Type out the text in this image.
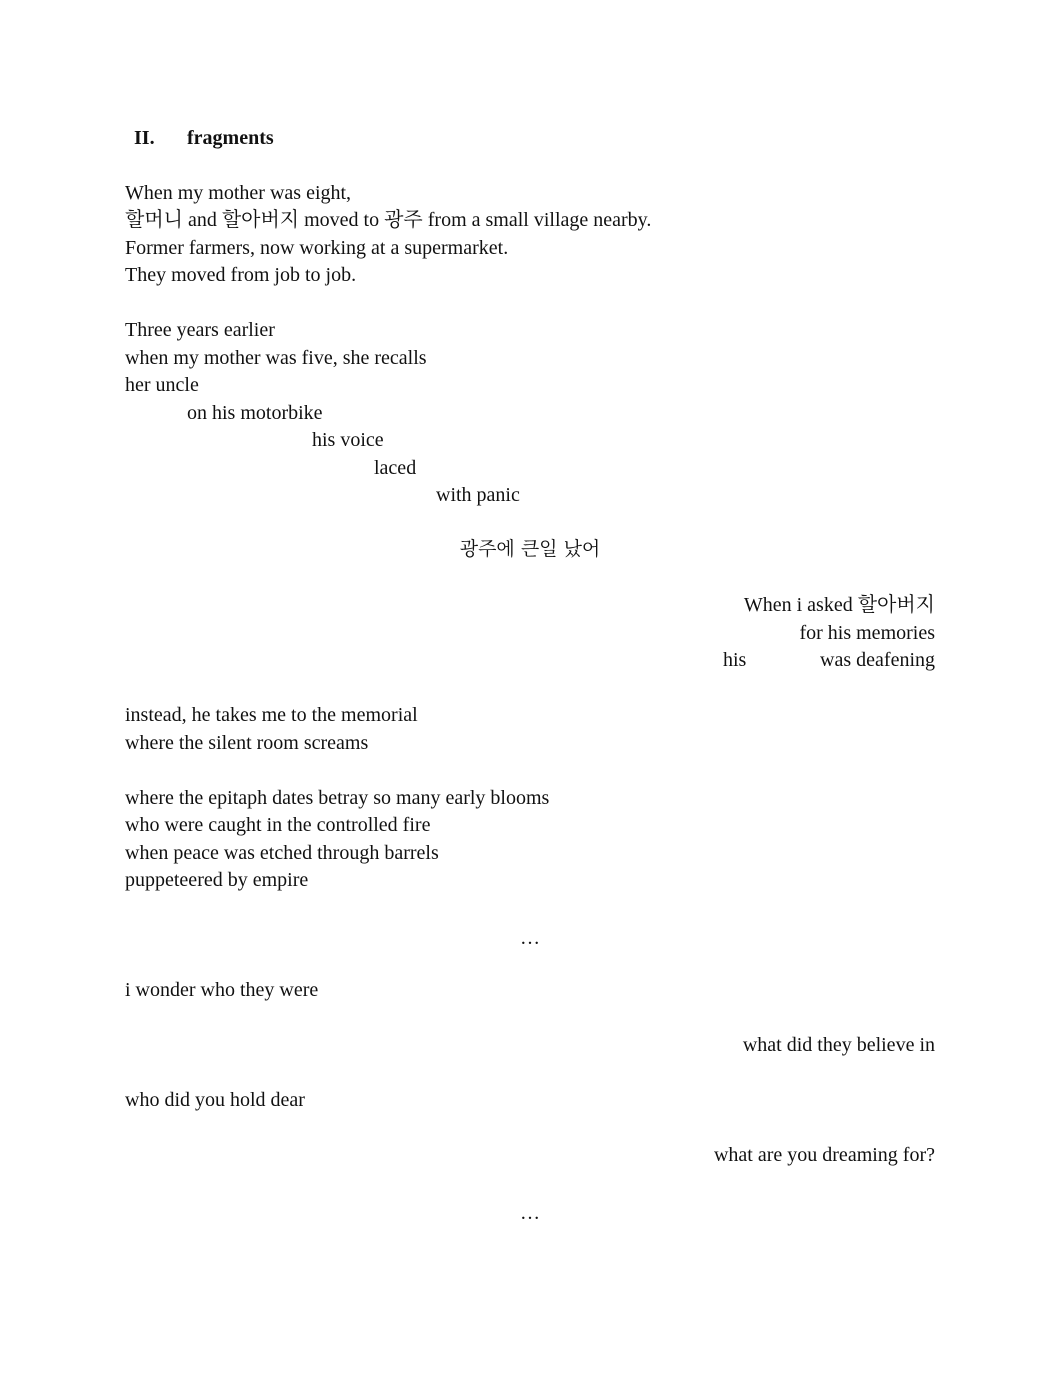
II. fragments
When my mother was eight,
할머니 and 할아버지 moved to 광주 from a small village nearby.
Former farmers, now working at a supermarket.
They moved from job to job.
Three years earlier
when my mother was five, she recalls
her uncle
on his motorbike
his voice
laced
with panic
광주에 큰일 났어
When i asked 할아버지
for his memories
his	was deafening
instead, he takes me to the memorial
where the silent room screams
where the epitaph dates betray so many early blooms
who were caught in the controlled fire
when peace was etched through barrels
puppeteered by empire
…
i wonder who they were
what did they believe in
who did you hold dear
what are you dreaming for?
…
